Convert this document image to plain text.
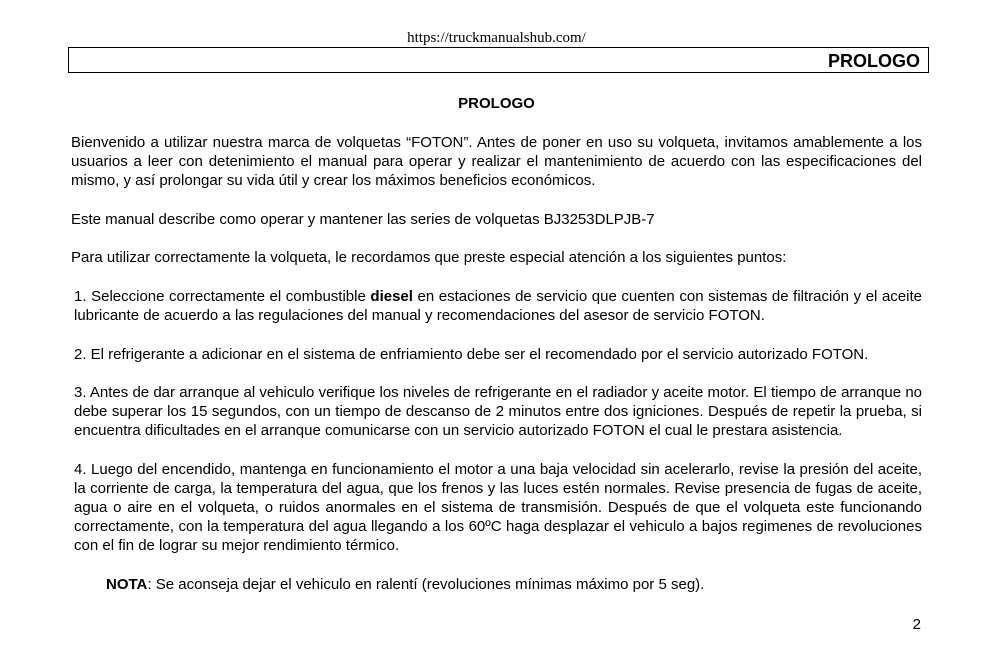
https://truckmanualshub.com/
PROLOGO
PROLOGO
Bienvenido a utilizar nuestra marca de volquetas “FOTON”. Antes de poner en uso su volqueta, invitamos amablemente a los usuarios a leer con detenimiento el manual para operar y realizar el mantenimiento de acuerdo con las especificaciones del mismo, y así prolongar su vida útil y crear los máximos beneficios económicos.
Este manual describe como operar y mantener las series de volquetas BJ3253DLPJB-7
Para utilizar correctamente la volqueta, le recordamos que preste especial atención a los siguientes puntos:
1. Seleccione correctamente el combustible diesel en estaciones de servicio que cuenten con sistemas de filtración y el aceite lubricante de acuerdo a las regulaciones del manual y recomendaciones del asesor de servicio FOTON.
2. El refrigerante a adicionar en el sistema de enfriamiento debe ser el recomendado por el servicio autorizado FOTON.
3. Antes de dar arranque al vehiculo verifique los niveles de refrigerante en el radiador y aceite motor. El tiempo de arranque no debe superar los 15 segundos, con un tiempo de descanso de 2 minutos entre dos igniciones. Después de repetir la prueba, si encuentra dificultades en el arranque comunicarse con un servicio autorizado FOTON el cual le prestara asistencia.
4. Luego del encendido, mantenga en funcionamiento el motor a una baja velocidad sin acelerarlo, revise la presión del aceite, la corriente de carga, la temperatura del agua, que los frenos y las luces estén normales. Revise presencia de fugas de aceite, agua o aire en el volqueta, o ruidos anormales en el sistema de transmisión. Después de que el volqueta este funcionando correctamente, con la temperatura del agua llegando a los 60ºC haga desplazar el vehiculo a bajos regimenes de revoluciones con el fin de lograr su mejor rendimiento térmico.
NOTA: Se aconseja dejar el vehiculo en ralentí (revoluciones mínimas máximo por 5 seg).
2
